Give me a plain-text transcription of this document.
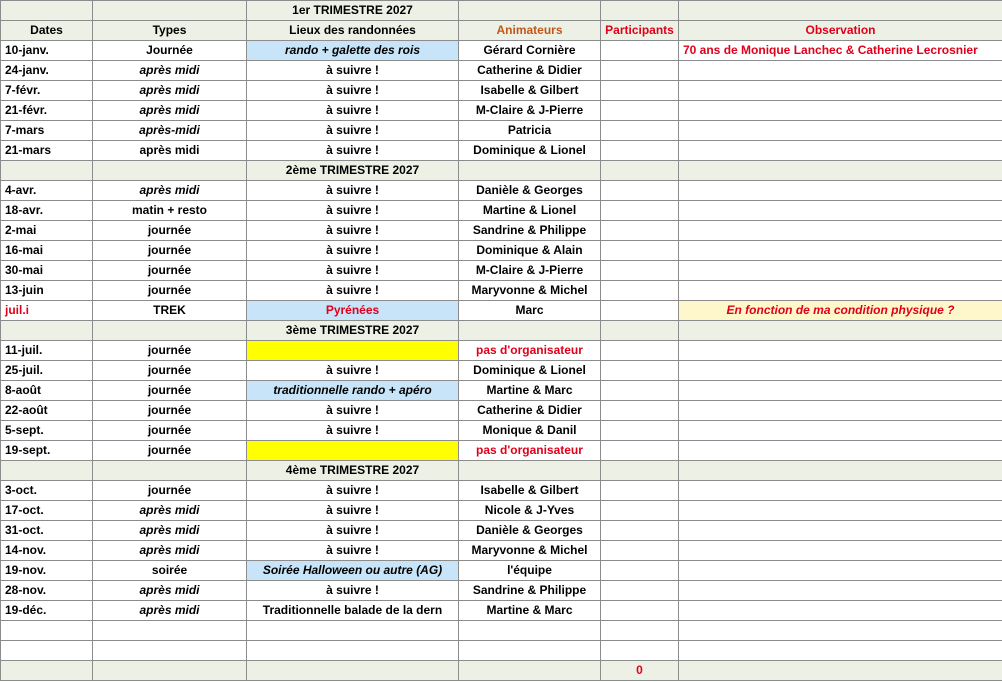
		1er TRIMESTRE 2027			
Dates	Types	Lieux des randonnées	Animateurs	Participants	Observation
10-janv.	Journée	rando + galette des rois	Gérard Cornière		70 ans de Monique Lanchec & Catherine Lecrosnier
24-janv.	après midi	à suivre !	Catherine & Didier		
7-févr.	après midi	à suivre !	Isabelle & Gilbert		
21-févr.	après midi	à suivre !	M-Claire & J-Pierre		
7-mars	après-midi	à suivre !	Patricia		
21-mars	après midi	à suivre !	Dominique & Lionel		
		2ème TRIMESTRE 2027			
4-avr.	après midi	à suivre !	Danièle & Georges		
18-avr.	matin + resto	à suivre !	Martine & Lionel		
2-mai	journée	à suivre !	Sandrine & Philippe		
16-mai	journée	à suivre !	Dominique & Alain		
30-mai	journée	à suivre !	M-Claire & J-Pierre		
13-juin	journée	à suivre !	Maryvonne & Michel		
juil.i	TREK	Pyrénées	Marc		En fonction de ma condition physique ?
		3ème TRIMESTRE 2027			
11-juil.	journée		pas d'organisateur		
25-juil.	journée	à suivre !	Dominique & Lionel		
8-août	journée	traditionnelle rando + apéro	Martine & Marc		
22-août	journée	à suivre !	Catherine & Didier		
5-sept.	journée	à suivre !	Monique & Danil		
19-sept.	journée		pas d'organisateur		
		4ème TRIMESTRE 2027			
3-oct.	journée	à suivre !	Isabelle & Gilbert		
17-oct.	après midi	à suivre !	Nicole & J-Yves		
31-oct.	après midi	à suivre !	Danièle & Georges		
14-nov.	après midi	à suivre !	Maryvonne & Michel		
19-nov.	soirée	Soirée Halloween ou autre (AG)	l'équipe		
28-nov.	après midi	à suivre !	Sandrine & Philippe		
19-déc.	après midi	Traditionnelle balade de la dern	Martine & Marc		

				0	
